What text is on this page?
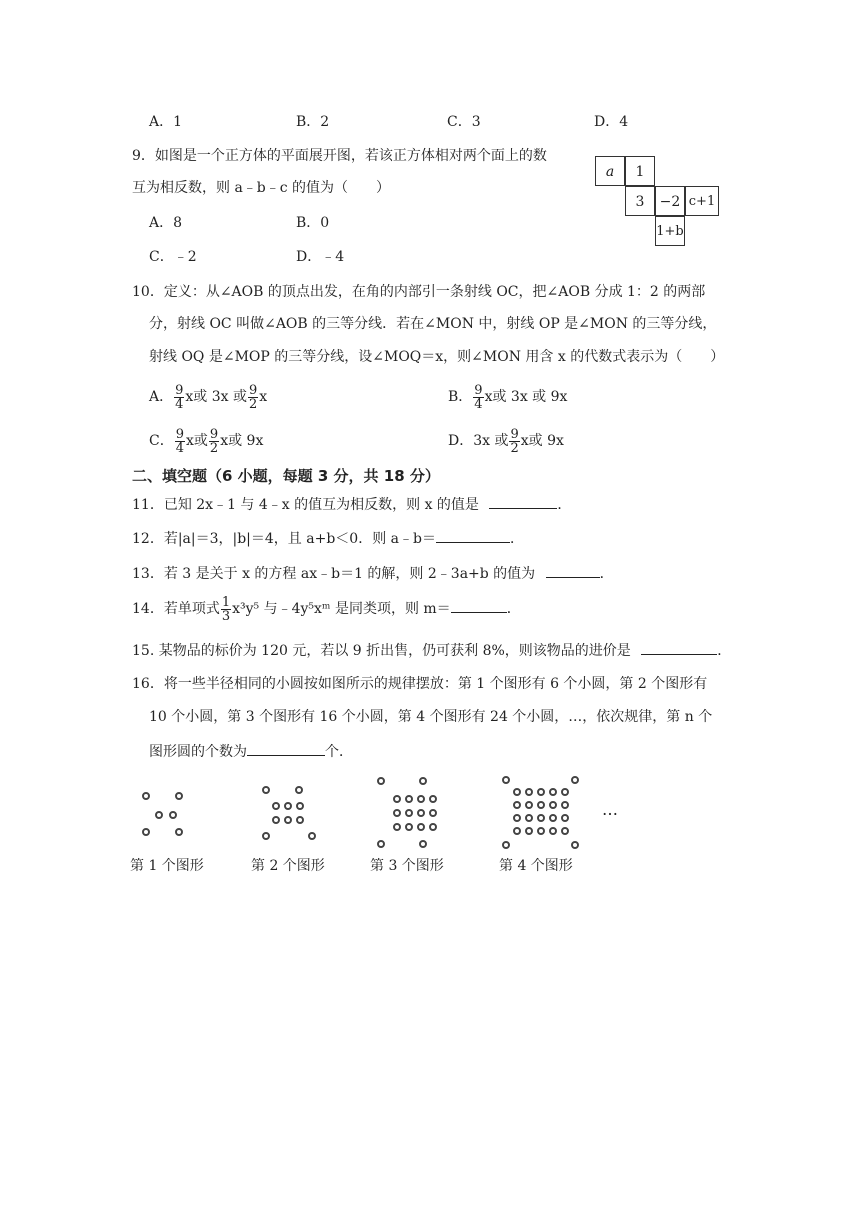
A．1	B．2	C．3	D．4
9．如图是一个正方体的平面展开图，若该正方体相对两个面上的数
互为相反数，则 a﹣b﹣c 的值为（　　）
A．8	B．0
C．﹣2	D．﹣4
a	1
3	−2 c+1
1+b
10．定义：从∠AOB 的顶点出发，在角的内部引一条射线 OC，把∠AOB 分成 1：2 的两部
分，射线 OC 叫做∠AOB 的三等分线．若在∠MON 中，射线 OP 是∠MON 的三等分线，
射线 OQ 是∠MOP 的三等分线，设∠MOQ＝x，则∠MON 用含 x 的代数式表示为（　　）
A． $\frac{9}{4}$ x或 3x 或 $\frac{9}{2}$ x	B． $\frac{9}{4}$ x或 3x 或 9x
C． $\frac{9}{4}$ x或 $\frac{9}{2}$ x或 9x	D．3x 或 $\frac{9}{2}$ x或 9x
二、填空题（6 小题，每题 3 分，共 18 分）
11．已知 2x﹣1 与 4﹣x 的值互为相反数，则 x 的值是	．
12．若|a|＝3，|b|＝4，且 a+b＜0．则 a﹣b＝	．
13．若 3 是关于 x 的方程 ax﹣b＝1 的解，则 2﹣3a+b 的值为	．
14．若单项式 $\frac{1}{3} x^3y^5$ 与﹣4y⁵xᵐ 是同类项，则 m＝	．
15. 某物品的标价为 120 元，若以 9 折出售，仍可获利 8%，则该物品的进价是	．
16．将一些半径相同的小圆按如图所示的规律摆放：第 1 个图形有 6 个小圆，第 2 个图形有
10 个小圆，第 3 个图形有 16 个小圆，第 4 个图形有 24 个小圆，…，依次规律，第 n 个
图形圆的个数为	个．
…
第 1 个图形	第 2 个图形	第 3 个图形	第 4 个图形
